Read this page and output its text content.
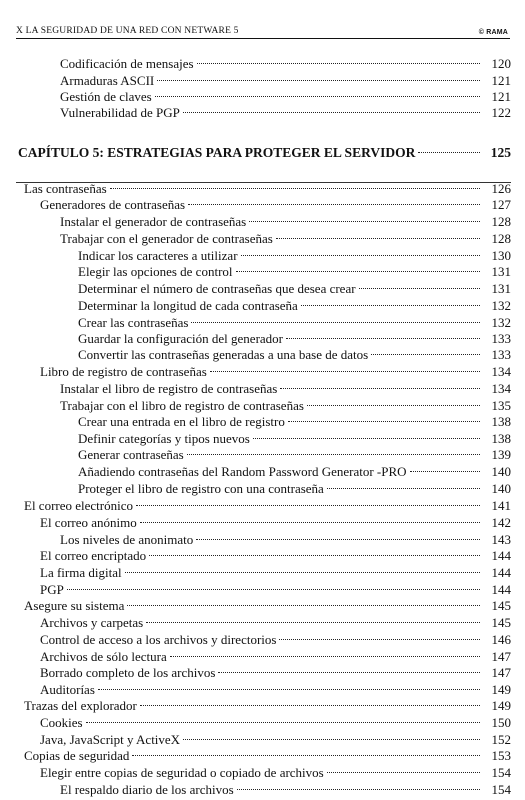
X LA SEGURIDAD DE UNA RED CON NETWARE 5	© RAMA
Codificación de mensajes	120
Armaduras ASCII	121
Gestión de claves	121
Vulnerabilidad de PGP	122
CAPÍTULO 5: ESTRATEGIAS PARA PROTEGER EL SERVIDOR	125
Las contraseñas	126
Generadores de contraseñas	127
Instalar el generador de contraseñas	128
Trabajar con el generador de contraseñas	128
Indicar los caracteres a utilizar	130
Elegir las opciones de control	131
Determinar el número de contraseñas que desea crear	131
Determinar la longitud de cada contraseña	132
Crear las contraseñas	132
Guardar la configuración del generador	133
Convertir las contraseñas generadas a una base de datos	133
Libro de registro de contraseñas	134
Instalar el libro de registro de contraseñas	134
Trabajar con el libro de registro de contraseñas	135
Crear una entrada en el libro de registro	138
Definir categorías y tipos nuevos	138
Generar contraseñas	139
Añadiendo contraseñas del Random Password Generator -PRO	140
Proteger el libro de registro con una contraseña	140
El correo electrónico	141
El correo anónimo	142
Los niveles de anonimato	143
El correo encriptado	144
La firma digital	144
PGP	144
Asegure su sistema	145
Archivos y carpetas	145
Control de acceso a los archivos y directorios	146
Archivos de sólo lectura	147
Borrado completo de los archivos	147
Auditorías	149
Trazas del explorador	149
Cookies	150
Java, JavaScript y ActiveX	152
Copias de seguridad	153
Elegir entre copias de seguridad o copiado de archivos	154
El respaldo diario de los archivos	154
